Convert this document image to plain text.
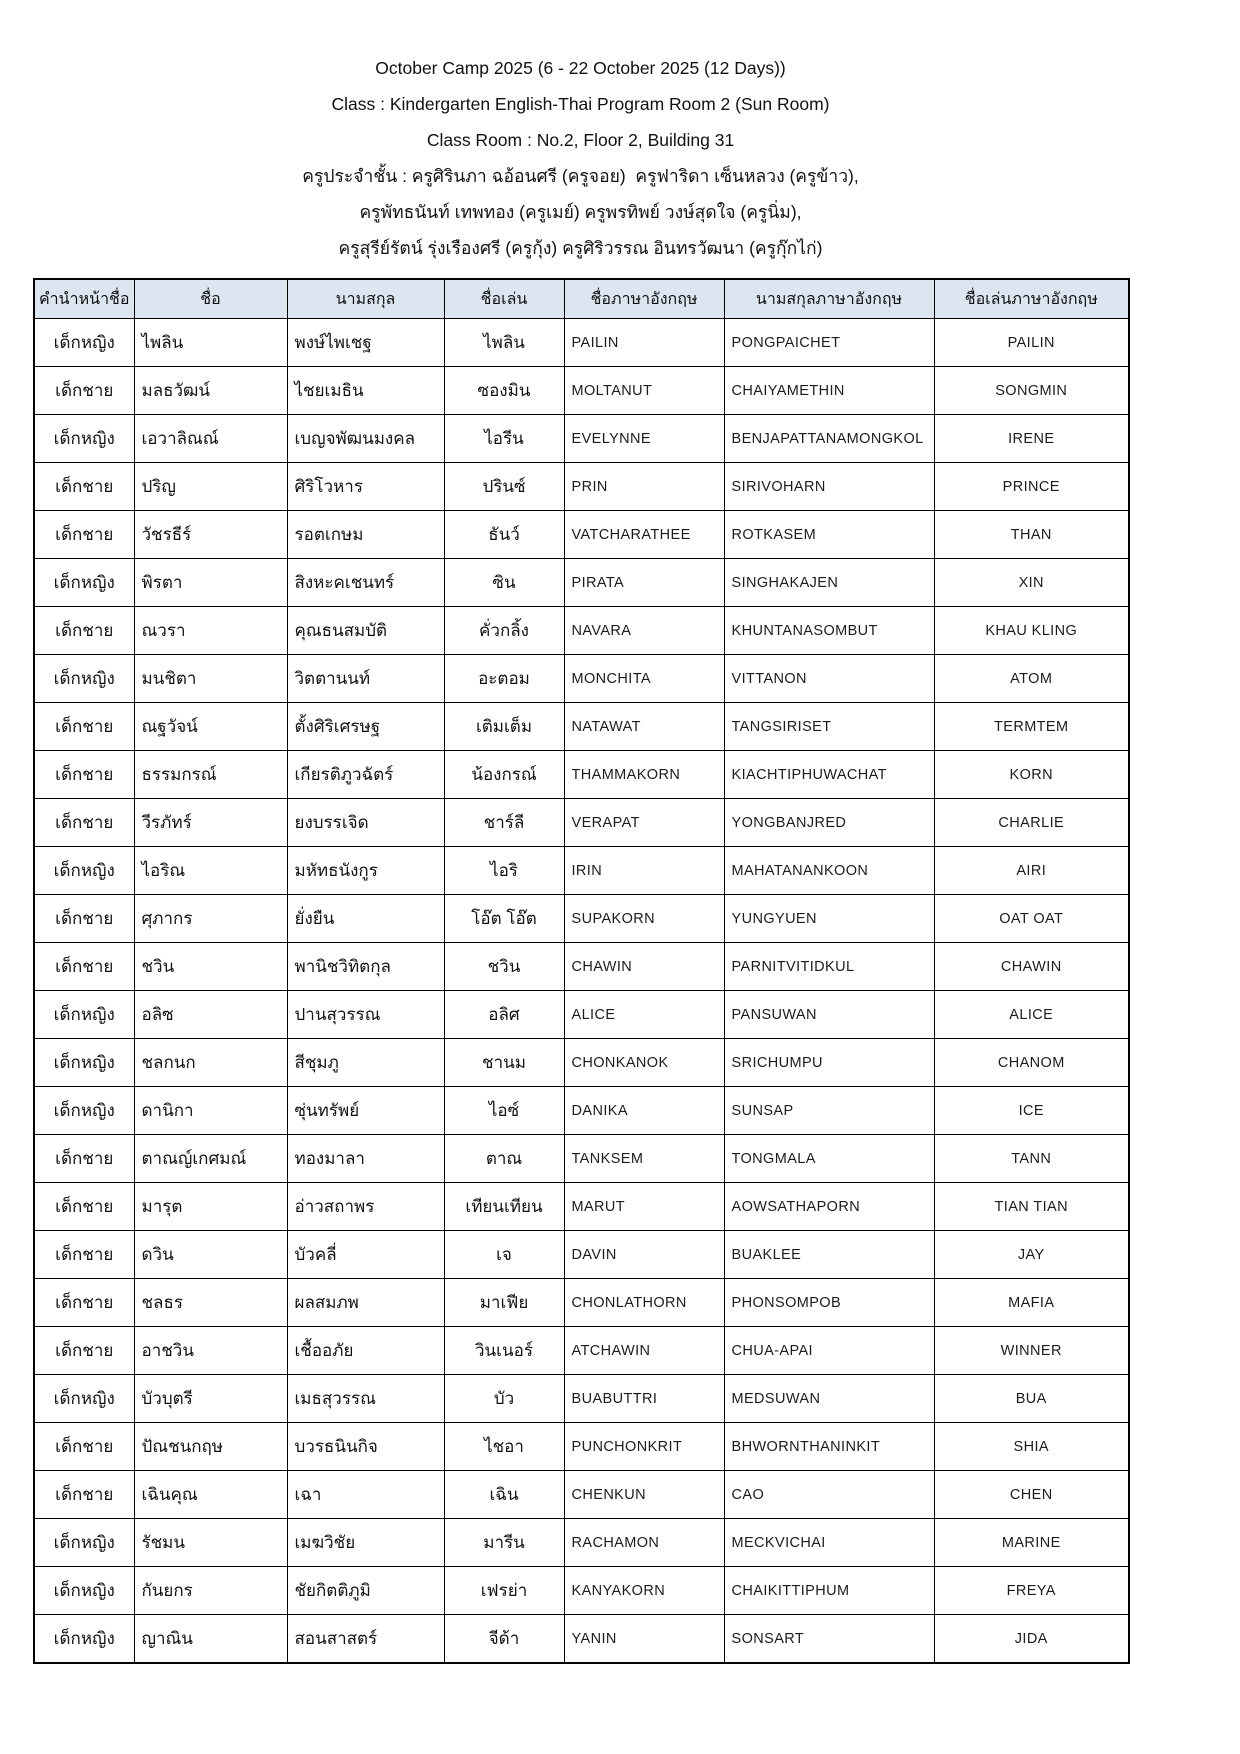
October Camp 2025 (6 - 22 October 2025 (12 Days))
Class : Kindergarten English-Thai Program Room 2 (Sun Room)
Class Room : No.2, Floor 2, Building 31
ครูประจำชั้น : ครูศิรินภา ฉอ้อนศรี (ครูจอย)  ครูฟาริดา เซ็นหลวง (ครูข้าว),
ครูพัทธนันท์ เทพทอง (ครูเมย์) ครูพรทิพย์ วงษ์สุดใจ (ครูนิ่ม),
ครูสุรีย์รัตน์ รุ่งเรืองศรี (ครูกุ้ง) ครูศิริวรรณ อินทรวัฒนา (ครูกุ๊กไก่)
คำนำหน้าชื่อ	ชื่อ	นามสกุล	ชื่อเล่น	ชื่อภาษาอังกฤษ	นามสกุลภาษาอังกฤษ	ชื่อเล่นภาษาอังกฤษ
เด็กหญิง	ไพลิน	พงษ์ไพเชฐ	ไพลิน	PAILIN	PONGPAICHET	PAILIN
เด็กชาย	มลธวัฒน์	ไชยเมธิน	ซองมิน	MOLTANUT	CHAIYAMETHIN	SONGMIN
เด็กหญิง	เอวาลิณณ์	เบญจพัฒนมงคล	ไอรีน	EVELYNNE	BENJAPATTANAMONGKOL	IRENE
เด็กชาย	ปริญ	ศิริโวหาร	ปรินซ์	PRIN	SIRIVOHARN	PRINCE
เด็กชาย	วัชรธีร์	รอตเกษม	ธันว์	VATCHARATHEE	ROTKASEM	THAN
เด็กหญิง	พิรตา	สิงหะคเชนทร์	ซิน	PIRATA	SINGHAKAJEN	XIN
เด็กชาย	ณวรา	คุณธนสมบัติ	คั่วกลิ้ง	NAVARA	KHUNTANASOMBUT	KHAU KLING
เด็กหญิง	มนชิตา	วิตตานนท์	อะตอม	MONCHITA	VITTANON	ATOM
เด็กชาย	ณฐวัจน์	ตั้งศิริเศรษฐ	เติมเต็ม	NATAWAT	TANGSIRISET	TERMTEM
เด็กชาย	ธรรมกรณ์	เกียรติภูวฉัตร์	น้องกรณ์	THAMMAKORN	KIACHTIPHUWACHAT	KORN
เด็กชาย	วีรภัทร์	ยงบรรเจิด	ชาร์ลี	VERAPAT	YONGBANJRED	CHARLIE
เด็กหญิง	ไอริณ	มหัทธนังกูร	ไอริ	IRIN	MAHATANANKOON	AIRI
เด็กชาย	ศุภากร	ยั่งยืน	โอ๊ต โอ๊ต	SUPAKORN	YUNGYUEN	OAT OAT
เด็กชาย	ชวิน	พานิชวิทิตกุล	ชวิน	CHAWIN	PARNITVITIDKUL	CHAWIN
เด็กหญิง	อลิซ	ปานสุวรรณ	อลิศ	ALICE	PANSUWAN	ALICE
เด็กหญิง	ชลกนก	สีชุมภู	ชานม	CHONKANOK	SRICHUMPU	CHANOM
เด็กหญิง	ดานิกา	ซุ่นทรัพย์	ไอซ์	DANIKA	SUNSAP	ICE
เด็กชาย	ตาณญ์เกศมณ์	ทองมาลา	ตาณ	TANKSEM	TONGMALA	TANN
เด็กชาย	มารุต	อ่าวสถาพร	เทียนเทียน	MARUT	AOWSATHAPORN	TIAN TIAN
เด็กชาย	ดวิน	บัวคลี่	เจ	DAVIN	BUAKLEE	JAY
เด็กชาย	ชลธร	ผลสมภพ	มาเฟีย	CHONLATHORN	PHONSOMPOB	MAFIA
เด็กชาย	อาชวิน	เชื้ออภัย	วินเนอร์	ATCHAWIN	CHUA-APAI	WINNER
เด็กหญิง	บัวบุตรี	เมธสุวรรณ	บัว	BUABUTTRI	MEDSUWAN	BUA
เด็กชาย	ปัณชนกฤษ	บวรธนินกิจ	ไชอา	PUNCHONKRIT	BHWORNTHANINKIT	SHIA
เด็กชาย	เฉินคุณ	เฉา	เฉิน	CHENKUN	CAO	CHEN
เด็กหญิง	รัชมน	เมฆวิชัย	มารีน	RACHAMON	MECKVICHAI	MARINE
เด็กหญิง	กันยกร	ชัยกิตติภูมิ	เฟรย่า	KANYAKORN	CHAIKITTIPHUM	FREYA
เด็กหญิง	ญาณิน	สอนสาสตร์	จีด้า	YANIN	SONSART	JIDA
